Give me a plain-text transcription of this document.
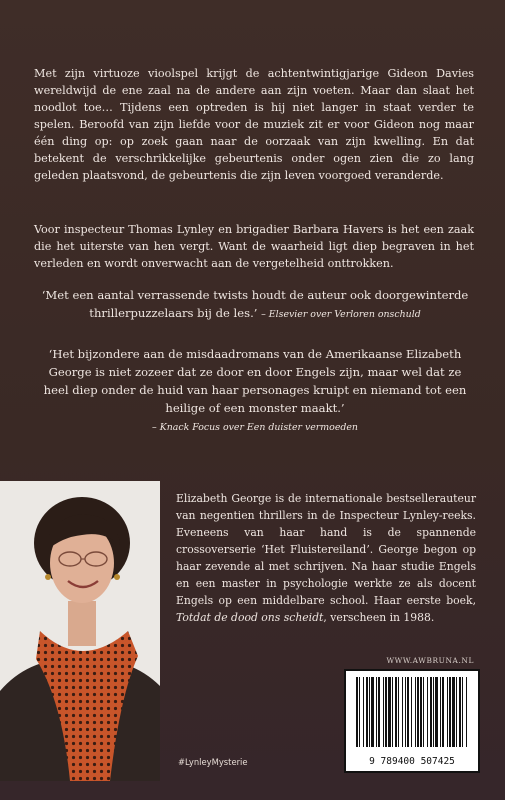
Met zijn virtuoze vioolspel krijgt de achtentwintigjarige Gideon Davies wereldwijd de ene zaal na de andere aan zijn voeten. Maar dan slaat het noodlot toe… Tijdens een optreden is hij niet langer in staat verder te spelen. Beroofd van zijn liefde voor de muziek zit er voor Gideon nog maar één ding op: op zoek gaan naar de oorzaak van zijn kwelling. En dat betekent de verschrikkelijke gebeurtenis onder ogen zien die zo lang geleden plaatsvond, de gebeurtenis die zijn leven voorgoed veranderde.

Voor inspecteur Thomas Lynley en brigadier Barbara Havers is het een zaak die het uiterste van hen vergt. Want de waarheid ligt diep begraven in het verleden en wordt onverwacht aan de vergetelheid onttrokken.

‘Met een aantal verrassende twists houdt de auteur ook doorgewinterde thrillerpuzzelaars bij de les.’ – Elsevier over Verloren onschuld
‘Het bijzondere aan de misdaadromans van de Amerikaanse Elizabeth George is niet zozeer dat ze door en door Engels zijn, maar wel dat ze heel diep onder de huid van haar personages kruipt en niemand tot een heilige of een monster maakt.’
– Knack Focus over Een duister vermoeden

Elizabeth George is de internationale bestsellerauteur van negentien thrillers in de Inspecteur Lynley-reeks. Eveneens van haar hand is de spannende crossoverserie ‘Het Fluistereiland’. George begon op haar zevende al met schrijven. Na haar studie Engels en een master in psychologie werkte ze als docent Engels op een middelbare school. Haar eerste boek, Totdat de dood ons scheidt, verscheen in 1988.

WWW.AWBRUNA.NL
9 789400 507425
#LynleyMysterie
